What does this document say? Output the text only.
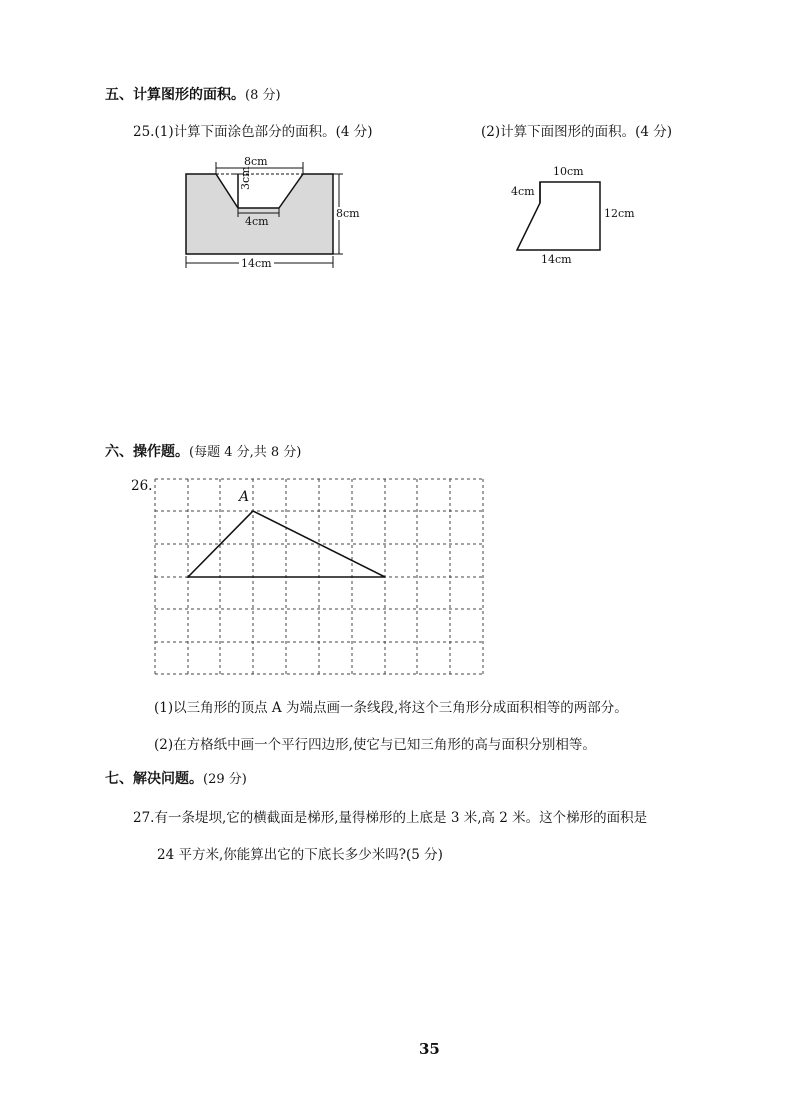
五、计算图形的面积。(8 分)
25.(1)计算下面涂色部分的面积。(4 分)	(2)计算下面图形的面积。(4 分)
8cm
3cm
4cm
8cm
14cm
10cm
4cm
12cm
14cm
六、操作题。(每题 4 分,共 8 分)
26.
A
(1)以三角形的顶点 A 为端点画一条线段,将这个三角形分成面积相等的两部分。
(2)在方格纸中画一个平行四边形,使它与已知三角形的高与面积分别相等。
七、解决问题。(29 分)
27.有一条堤坝,它的横截面是梯形,量得梯形的上底是 3 米,高 2 米。这个梯形的面积是
24 平方米,你能算出它的下底长多少米吗?(5 分)
35
